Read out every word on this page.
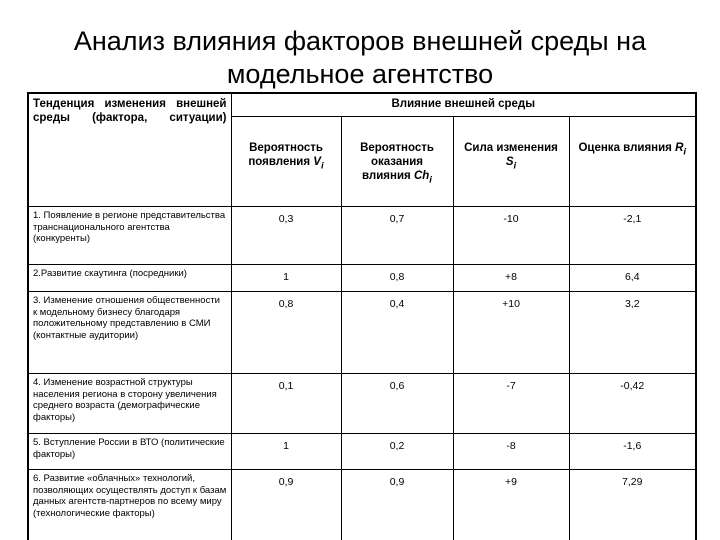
Анализ влияния факторов внешней среды на модельное агентство
Тенденция изменения внешней среды (фактора, ситуации)	Влияние внешней среды			
	Вероятность появления $V_i$	Вероятность оказания влияния $Ch_i$	Сила изменения $S_i$	Оценка влияния $R_i$
1. Появление в регионе представительства транснационального агентства (конкуренты)	0,3	0,7	-10	-2,1
2.Развитие скаутинга (посредники)	1	0,8	+8	6,4
3. Изменение отношения общественности к модельному бизнесу благодаря положительному представлению в СМИ (контактные аудитории)	0,8	0,4	+10	3,2
4. Изменение возрастной структуры населения региона в сторону увеличения среднего возраста (демографические факторы)	0,1	0,6	-7	-0,42
5. Вступление России в ВТО (политические факторы)	1	0,2	-8	-1,6
6. Развитие «облачных» технологий, позволяющих осуществлять доступ к базам данных агентств-партнеров по всему миру (технологические факторы)	0,9	0,9	+9	7,29
